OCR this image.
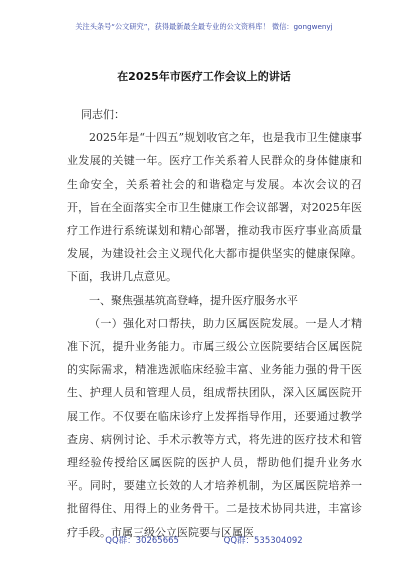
关注头条号“公文研究”，获得最新最全最专业的公文资料库！ 微信：gongwenyj
在2025年市医疗工作会议上的讲话

同志们：

2025年是“十四五”规划收官之年，也是我市卫生健康事业发展的关键一年。医疗工作关系着人民群众的身体健康和生命安全，关系着社会的和谐稳定与发展。本次会议的召开，旨在全面落实全市卫生健康工作会议部署，对2025年医疗工作进行系统谋划和精心部署，推动我市医疗事业高质量发展，为建设社会主义现代化大都市提供坚实的健康保障。下面，我讲几点意见。

一、聚焦强基筑高登峰，提升医疗服务水平

（一）强化对口帮扶，助力区属医院发展。一是人才精准下沉，提升业务能力。市属三级公立医院要结合区属医院的实际需求，精准选派临床经验丰富、业务能力强的骨干医生、护理人员和管理人员，组成帮扶团队，深入区属医院开展工作。不仅要在临床诊疗上发挥指导作用，还要通过教学查房、病例讨论、手术示教等方式，将先进的医疗技术和管理经验传授给区属医院的医护人员，帮助他们提升业务水平。同时，要建立长效的人才培养机制，为区属医院培养一批留得住、用得上的业务骨干。二是技术协同共进，丰富诊疗手段。市属三级公立医院要与区属医

QQ群：30265665	QQ群：535304092
